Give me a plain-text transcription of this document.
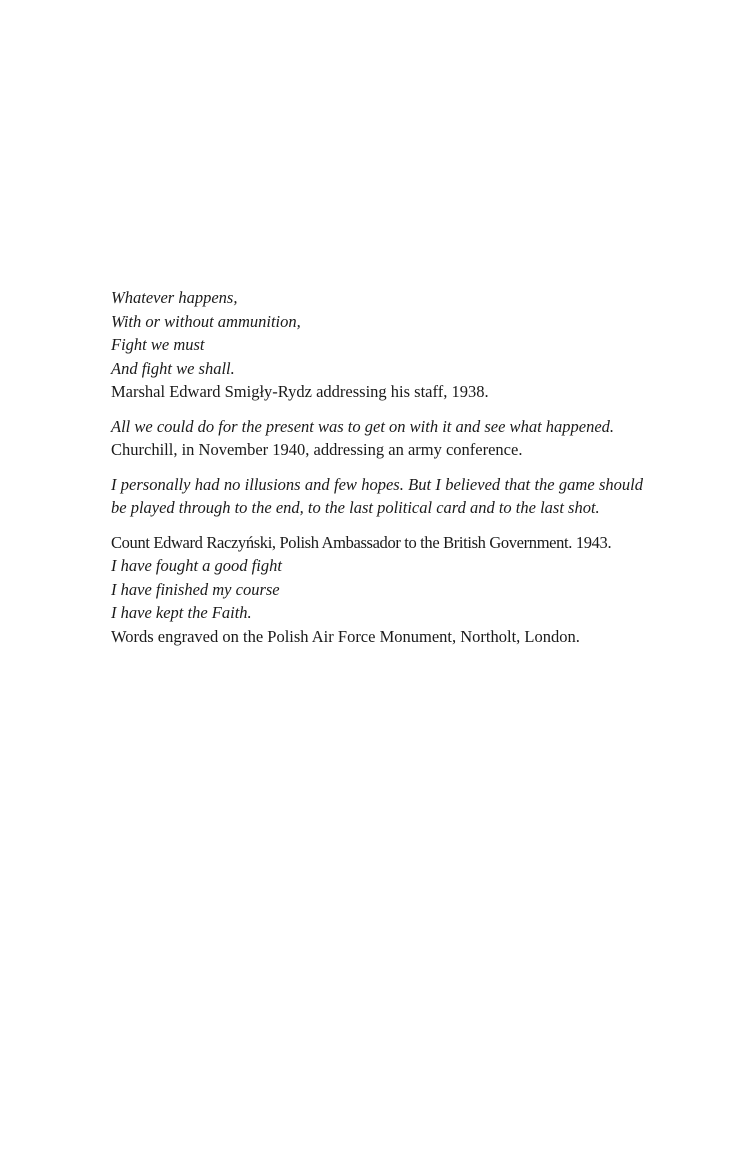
Whatever happens,
With or without ammunition,
Fight we must
And fight we shall.
Marshal Edward Smigły-Rydz addressing his staff, 1938.
All we could do for the present was to get on with it and see what happened.
Churchill, in November 1940, addressing an army conference.
I personally had no illusions and few hopes. But I believed that the game should be played through to the end, to the last political card and to the last shot.
Count Edward Raczyński, Polish Ambassador to the British Government. 1943.
I have fought a good fight
I have finished my course
I have kept the Faith.
Words engraved on the Polish Air Force Monument, Northolt, London.
